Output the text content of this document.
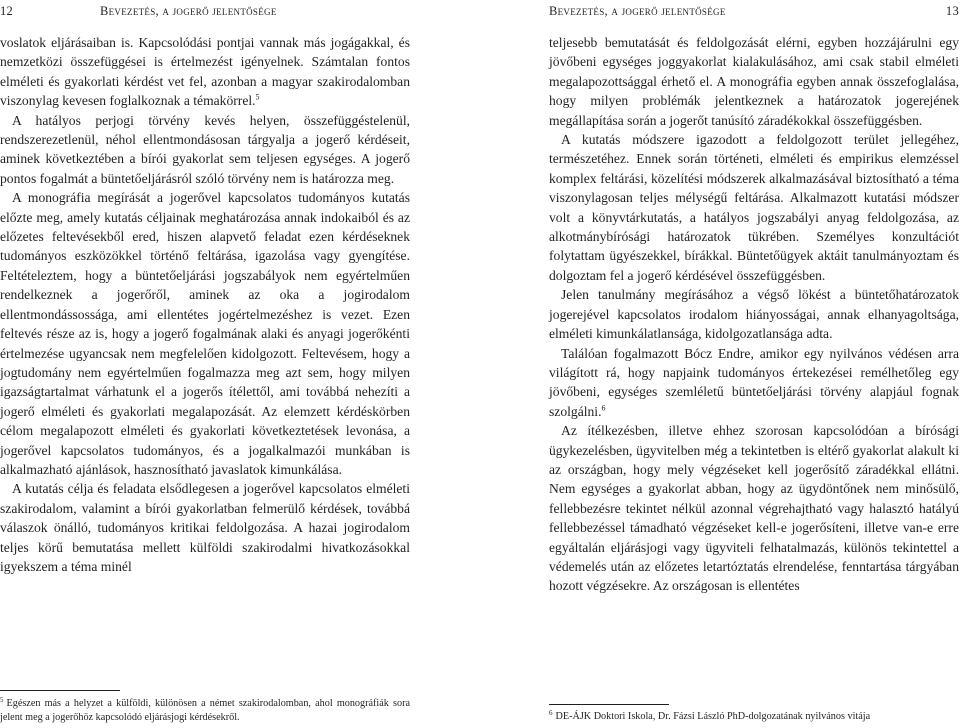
12	Bevezetés, a jogerő jelentősége

voslatok eljárásaiban is. Kapcsolódási pontjai vannak más jogágakkal, és nemzetközi összefüggései is értelmezést igényelnek. Számtalan fontos elméleti és gyakorlati kérdést vet fel, azonban a magyar szakirodalomban viszonylag kevesen foglalkoznak a témakörrel.$^5$

A hatályos perjogi törvény kevés helyen, összefüggéstelenül, rendszerezetlenül, néhol ellentmondásosan tárgyalja a jogerő kérdéseit, aminek következtében a bírói gyakorlat sem teljesen egységes. A jogerő pontos fogalmát a büntetőeljárásról szóló törvény nem is határozza meg.

A monográfia megírását a jogerővel kapcsolatos tudományos kutatás előzte meg, amely kutatás céljainak meghatározása annak indokaiból és az előzetes feltevésekből ered, hiszen alapvető feladat ezen kérdéseknek tudományos eszközökkel történő feltárása, igazolása vagy gyengítése. Feltételeztem, hogy a büntetőeljárási jogszabályok nem egyértelműen rendelkeznek a jogerőről, aminek az oka a jogirodalom ellentmondássossága, ami ellentétes jogértelmezéshez is vezet. Ezen feltevés része az is, hogy a jogerő fogalmának alaki és anyagi jogerőkénti értelmezése ugyancsak nem megfelelően kidolgozott. Feltevésem, hogy a jogtudomány nem egyértelműen fogalmazza meg azt sem, hogy milyen igazságtartalmat várhatunk el a jogerős ítélettől, ami továbbá nehezíti a jogerő elméleti és gyakorlati megalapozását. Az elemzett kérdéskörben célom megalapozott elméleti és gyakorlati következtetések levonása, a jogerővel kapcsolatos tudományos, és a jogalkalmazói munkában is alkalmazható ajánlások, hasznosítható javaslatok kimunkálása.

A kutatás célja és feladata elsődlegesen a jogerővel kapcsolatos elméleti szakirodalom, valamint a bírói gyakorlatban felmerülő kérdések, továbbá válaszok önálló, tudományos kritikai feldolgozása. A hazai jogirodalom teljes körű bemutatása mellett külföldi szakirodalmi hivatkozásokkal igyekszem a téma minél

$^5$ Egészen más a helyzet a külföldi, különösen a német szakirodalomban, ahol monográfiák sora jelent meg a jogerőhöz kapcsolódó eljárásjogi kérdésekről.
Bevezetés, a jogerő jelentősége	13

teljesebb bemutatását és feldolgozását elérni, egyben hozzájárulni egy jövőbeni egységes joggyakorlat kialakulásához, ami csak stabil elméleti megalapozottsággal érhető el. A monográfia egyben annak összefoglalása, hogy milyen problémák jelentkeznek a határozatok jogerejének megállapítása során a jogerőt tanúsító záradékokkal összefüggésben.

A kutatás módszere igazodott a feldolgozott terület jellegéhez, természetéhez. Ennek során történeti, elméleti és empirikus elemzéssel komplex feltárási, közelítési módszerek alkalmazásával biztosítható a téma viszonylagosan teljes mélységű feltárása. Alkalmazott kutatási módszer volt a könyvtárkutatás, a hatályos jogszabályi anyag feldolgozása, az alkotmánybírósági határozatok tükrében. Személyes konzultációt folytattam ügyészekkel, bírákkal. Büntetőügyek aktáit tanulmányoztam és dolgoztam fel a jogerő kérdésével összefüggésben.

Jelen tanulmány megírásához a végső lökést a büntetőhatározatok jogerejével kapcsolatos irodalom hiányosságai, annak elhanyagoltsága, elméleti kimunkálatlansága, kidolgozatlansága adta.

Találóan fogalmazott Bócz Endre, amikor egy nyilvános védésen arra világított rá, hogy napjaink tudományos értekezései remélhetőleg egy jövőbeni, egységes szemléletű büntetőeljárási törvény alapjául fognak szolgálni.$^6$

Az ítélkezésben, illetve ehhez szorosan kapcsolódóan a bírósági ügykezelésben, ügyvitelben még a tekintetben is eltérő gyakorlat alakult ki az országban, hogy mely végzéseket kell jogerősítő záradékkal ellátni. Nem egységes a gyakorlat abban, hogy az ügydöntőnek nem minősülő, fellebbezésre tekintet nélkül azonnal végrehajtható vagy halasztó hatályú fellebbezéssel támadható végzéseket kell-e jogerősíteni, illetve van-e erre egyáltalán eljárásjogi vagy ügyviteli felhatalmazás, különös tekintettel a védemelés után az előzetes letartóztatás elrendelése, fenntartása tárgyában hozott végzésekre. Az országosan is ellentétes

$^6$ DE-ÁJK Doktori Iskola, Dr. Fázsi László PhD-dolgozatának nyilvános vitája
